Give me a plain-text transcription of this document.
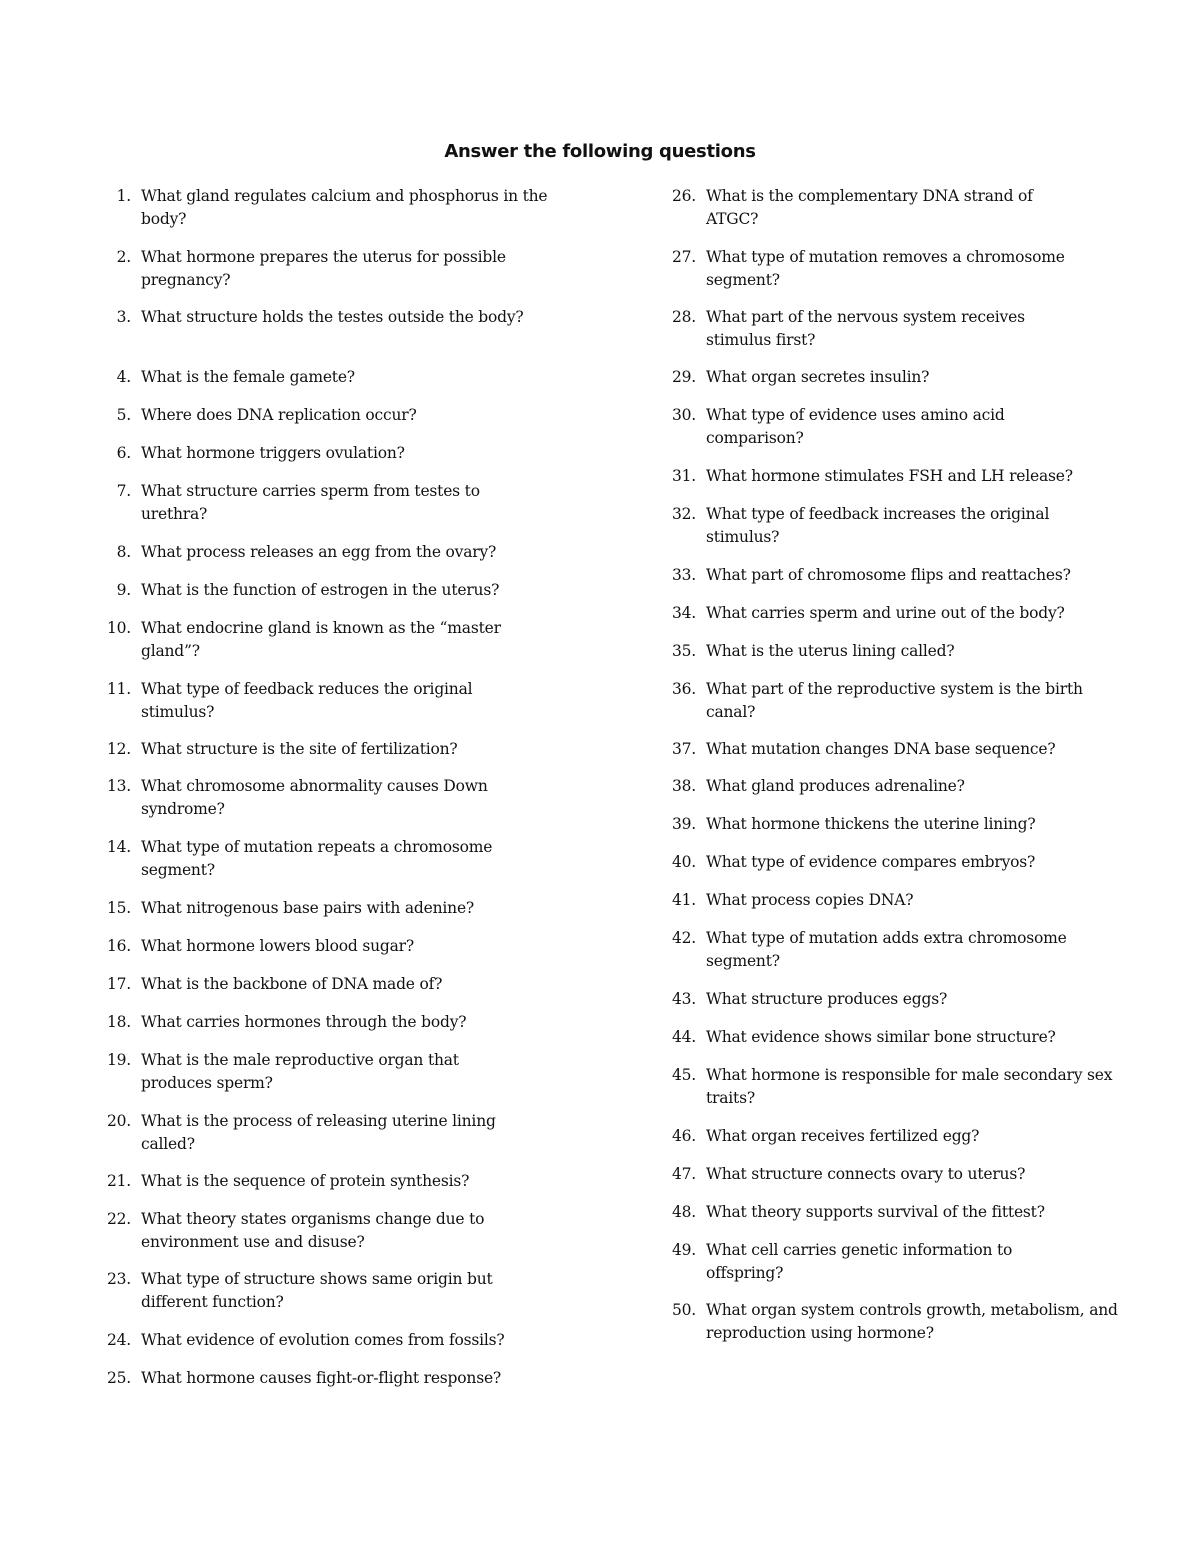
Answer the following questions
1. What gland regulates calcium and phosphorus in the body?
2. What hormone prepares the uterus for possible pregnancy?
3. What structure holds the testes outside the body?
4. What is the female gamete?
5. Where does DNA replication occur?
6. What hormone triggers ovulation?
7. What structure carries sperm from testes to urethra?
8. What process releases an egg from the ovary?
9. What is the function of estrogen in the uterus?
10. What endocrine gland is known as the “master gland”?
11. What type of feedback reduces the original stimulus?
12. What structure is the site of fertilization?
13. What chromosome abnormality causes Down syndrome?
14. What type of mutation repeats a chromosome segment?
15. What nitrogenous base pairs with adenine?
16. What hormone lowers blood sugar?
17. What is the backbone of DNA made of?
18. What carries hormones through the body?
19. What is the male reproductive organ that produces sperm?
20. What is the process of releasing uterine lining called?
21. What is the sequence of protein synthesis?
22. What theory states organisms change due to environment use and disuse?
23. What type of structure shows same origin but different function?
24. What evidence of evolution comes from fossils?
25. What hormone causes fight-or-flight response?
26. What is the complementary DNA strand of ATGC?
27. What type of mutation removes a chromosome segment?
28. What part of the nervous system receives stimulus first?
29. What organ secretes insulin?
30. What type of evidence uses amino acid comparison?
31. What hormone stimulates FSH and LH release?
32. What type of feedback increases the original stimulus?
33. What part of chromosome flips and reattaches?
34. What carries sperm and urine out of the body?
35. What is the uterus lining called?
36. What part of the reproductive system is the birth canal?
37. What mutation changes DNA base sequence?
38. What gland produces adrenaline?
39. What hormone thickens the uterine lining?
40. What type of evidence compares embryos?
41. What process copies DNA?
42. What type of mutation adds extra chromosome segment?
43. What structure produces eggs?
44. What evidence shows similar bone structure?
45. What hormone is responsible for male secondary sex traits?
46. What organ receives fertilized egg?
47. What structure connects ovary to uterus?
48. What theory supports survival of the fittest?
49. What cell carries genetic information to offspring?
50. What organ system controls growth, metabolism, and reproduction using hormone?
